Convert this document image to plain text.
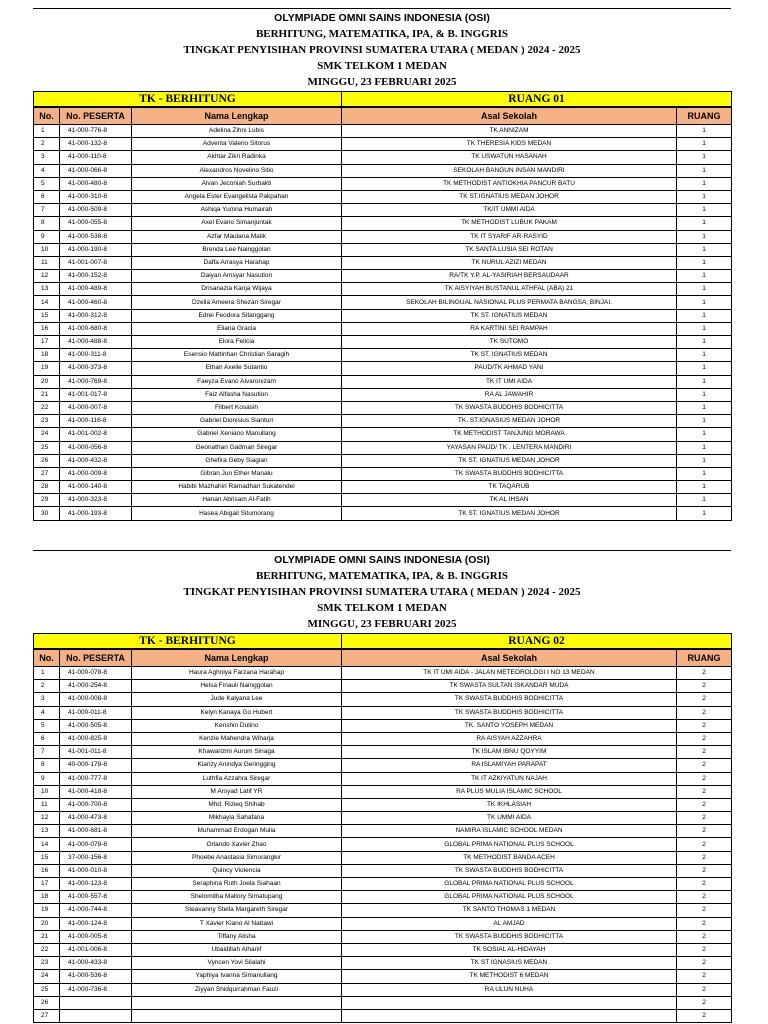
OLYMPIADE OMNI SAINS INDONESIA (OSI)
BERHITUNG, MATEMATIKA, IPA, & B. INGGRIS
TINGKAT PENYISIHAN PROVINSI SUMATERA UTARA ( MEDAN ) 2024 - 2025
SMK TELKOM 1 MEDAN
MINGGU, 23 FEBRUARI 2025
TK - BERHITUNG	RUANG 01
No.	No. PESERTA	Nama Lengkap	Asal Sekolah	RUANG
1	41-000-776-8	Adelina Zihni Lubis	TK ANNIZAM	1
2	41-000-132-8	Adventa Valerio Sitorus	TK THERESIA KIDS MEDAN	1
3	41-000-110-8	Akhtar Zikri Radinka	TK USWATUN HASANAH	1
4	41-000-066-8	Alexandros Novelino Sitio	SEKOLAH BANGUN INSAN MANDIRI	1
5	41-000-480-8	Alvan Jeconiah Surbakti	TK METHODIST ANTIOKHIA PANCUR BATU	1
6	41-000-310-8	Angela Ester Evangelista Pakpahan	TK ST.IGNATIUS MEDAN JOHOR	1
7	41-000-509-8	Ashiqa Yumna Humairah	TK/IT UMMI AIDA	1
8	41-000-055-8	Axel Evano Simanjuntak	TK METHODIST LUBUK PAKAM	1
9	41-000-538-8	Azfar Maulana Malik	TK IT SYARIF AR-RASYID	1
10	41-000-190-8	Brenda Lee Nainggolan	TK SANTA LUSIA SEI ROTAN	1
11	41-001-007-8	Daffa Arrasya Harahap	TK NURUL AZIZI MEDAN	1
12	41-000-152-8	Daiyan Amsyar Nasution	RA/TK Y.P. AL-YASIRIAH BERSAUDAAR	1
13	41-000-489-8	Drisanazia Kanja Wijaya	TK AISYIYAH BUSTANUL ATHFAL (ABA) 21	1
14	41-000-460-8	Dzelia Ameera Shezan Siregar	SEKOLAH BILINGUAL NASIONAL PLUS PERMATA BANGSA, BINJAI.	1
15	41-000-312-8	Edrei Feodora Sitanggang	TK ST. IGNATIUS MEDAN	1
16	41-000-680-8	Eliana Gracia	RA KARTINI SEI RAMPAH	1
17	41-000-488-8	Elora Felicia	TK SUTOMO	1
18	41-000-311-8	Esensio Mattinhan Christian Saragih	TK ST. IGNATIUS MEDAN	1
19	41-000-373-8	Ethan Axelle Sutantio	PAUD/TK AHMAD YANI	1
20	41-000-769-8	Faeyza Evano Alvaronizam	TK IT UMI AIDA	1
21	41-001-017-8	Faiz Alfasha Nasution	RA AL JAWAHIR	1
22	41-000-007-8	Filbert Kosasih	TK SWASTA BUDDHIS BODHICITTA	1
23	41-000-116-8	Gabriel Dionisius Sianturi	TK. ST.IGNASIUS MEDAN JOHOR	1
24	41-001-002-8	Gabriel Xeniano Manullang	TK METHODIST TANJUNG MORAWA	1
25	41-000-056-8	Geonathan Gadman Siregar	YAYASAN PAUD/ TK . LENTERA MANDIRI	1
26	41-000-432-8	Ghefira Geby Siagian	TK ST. IGNATIUS MEDAN JOHOR	1
27	41-000-009-8	Gibran Jun Ether Manalu	TK SWASTA BUDDHIS BODHICITTA	1
28	41-000-140-8	Habibi Mazhahiri Ramadhan Sukatendel	TK TAQARUB	1
29	41-000-323-8	Hanan Abrisam Al-Fatih	TK AL IHSAN	1
30	41-000-193-8	Hasea Abigail Situmorang	TK ST. IGNATIUS MEDAN JOHOR	1
OLYMPIADE OMNI SAINS INDONESIA (OSI)
BERHITUNG, MATEMATIKA, IPA, & B. INGGRIS
TINGKAT PENYISIHAN PROVINSI SUMATERA UTARA ( MEDAN ) 2024 - 2025
SMK TELKOM 1 MEDAN
MINGGU, 23 FEBRUARI 2025
TK - BERHITUNG	RUANG 02
No.	No. PESERTA	Nama Lengkap	Asal Sekolah	RUANG
1	41-000-078-8	Haura Aghniya Farzana Harahap	TK IT UMI AIDA - JALAN METEOROLOGI I NO 13 MEDAN	2
2	41-000-254-8	Helsa Finauli Nainggolan	TK SWASTA SULTAN ISKANDAR MUDA	2
3	41-000-008-8	Jude Kalyana Lee	TK SWASTA BUDDHIS BODHICITTA	2
4	41-000-011-8	Kelyn Kanaya Go Hubert	TK SWASTA BUDDHIS BODHICITTA	2
5	41-000-505-8	Kenshin Dulino	TK. SANTO YOSEPH MEDAN	2
6	41-000-825-8	Kenzie Mahendra Wiharja	RA AISYAH AZZAHRA	2
7	41-001-011-8	Khawarizmi Aurum Sinaga	TK ISLAM IBNU QOYYIM	2
8	40-000-179-8	Kianzy Anindya Geringging	RA ISLAMIYAH PARAPAT	2
9	41-000-777-8	Luthfia Azzahra Siregar	TK IT AZKIYATUN NAJAH	2
10	41-000-418-8	M Arsyad Latif YR	RA PLUS MULIA ISLAMIC SCHOOL	2
11	41-000-700-8	Mhd. Rizieq Shihab	TK IKHLASIAH	2
12	41-000-473-8	Mikhayla Sahafana	TK UMMI AIDA	2
13	41-000-681-8	Muhammad Erdogan Mulia	NAMIRA ISLAMIC SCHOOL MEDAN	2
14	41-000-079-8	Orlando Xavier Zhao	GLOBAL PRIMA NATIONAL PLUS SCHOOL	2
15	37-000-156-8	Phoebe Anastasia Simorangkir	TK METHODIST BANDA ACEH	2
16	41-000-010-8	Quincy Violencia	TK SWASTA BUDDHIS BODHICITTA	2
17	41-000-123-8	Seraphina Ruth Joela Siahaan	GLOBAL PRIMA NATIONAL PLUS SCHOOL	2
18	41-000-557-8	Shelomitha Mallory Simatupang	GLOBAL PRIMA NATIONAL PLUS SCHOOL	2
19	41-000-744-8	Steavanny Stella Margareth Siregar	TK SANTO THOMAS 1 MEDAN	2
20	41-000-124-8	T Xavier Kiano Al Nabawi	AL AMJAD	2
21	41-000-005-8	Tiffany Alisha	TK SWASTA BUDDHIS BODHICITTA	2
22	41-001-006-8	Ubaidillah Alhanif	TK SOSIAL AL-HIDAYAH	2
23	41-000-433-8	Vyncen Yovi Silalahi	TK ST IGNASIUS MEDAN	2
24	41-000-536-8	Yaphiya Ivanna Simanullang	TK METHODIST 6 MEDAN	2
25	41-000-736-8	Ziyyan Shidqurrahman Fauzi	RA ULUN NUHA	2
26				2
27				2
